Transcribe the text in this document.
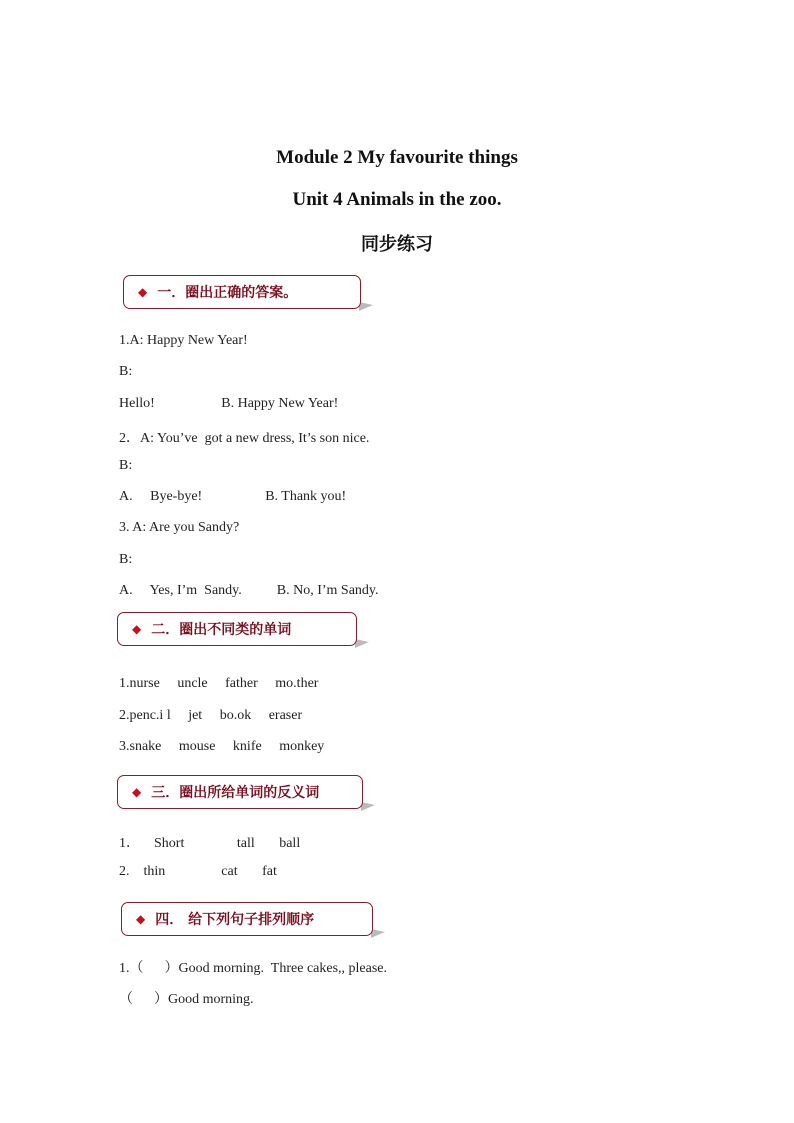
Module 2 My favourite things
Unit 4 Animals in the zoo.
同步练习
◆ 一．圈出正确的答案。
1.A: Happy New Year!
B:
Hello!                   B. Happy New Year!
2．A: You’ve  got a new dress, It’s son nice.
B:
A.     Bye-bye!                  B. Thank you!
3. A: Are you Sandy?
B:
A.     Yes, I’m  Sandy.          B. No, I’m Sandy.
◆ 二．圈出不同类的单词
1.nurse     uncle     father     mo.ther
2.penc.i l     jet     bo.ok     eraser
3.snake     mouse     knife     monkey
◆ 三．圈出所给单词的反义词
1．    Short               tall       ball
2.    thin                cat       fat
◆ 四． 给下列句子排列顺序
1.（      ）Good morning.  Three cakes,, please.
（      ）Good morning.
